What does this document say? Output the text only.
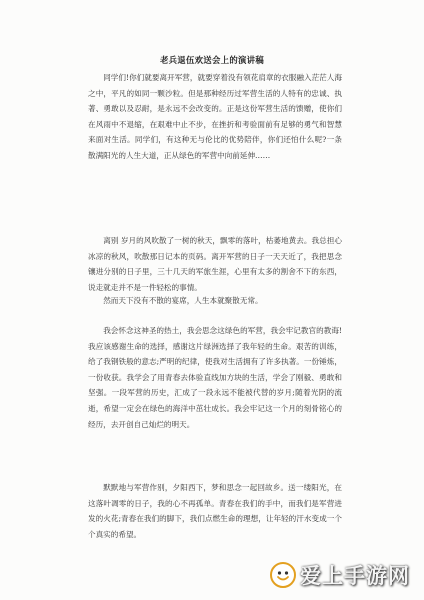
老兵退伍欢送会上的演讲稿

同学们!你们就要离开军营，就要穿着没有领花肩章的衣服融入茫茫人海之中，平凡的如同一颗沙粒。但是那种经历过军营生活的人特有的忠诚、执著、勇敢以及忍耐，是永远不会改变的。正是这份军营生活的馈赠，使你们在风雨中不退缩，在艰难中止不步，在挫折和考验面前有足够的勇气和智慧来面对生活。同学们，有这种无与伦比的优势陪伴，你们还怕什么呢?一条散满阳光的人生大道，正从绿色的军营中向前延伸……

离别 岁月的风吹散了一树的秋天，飘零的落叶，枯萎地黄去。我总担心冰凉的秋风，吹散那日记本的页码。离开军营的日子一天天近了，我把思念镶进分别的日子里，三十几天的军旅生涯，心里有太多的割舍不下的东西，说走就走并不是一件轻松的事情。

然而天下没有不散的宴席，人生本就聚散无常。

我会怀念这神圣的热土，我会思念这绿色的军营，我会牢记教官的教诲!我应该感谢生命的选择，感谢这片绿洲选择了我年轻的生命。艰苦的训练，给了我钢铁般的意志;严明的纪律，使我对生活拥有了许多执著。一份锤炼，一份收获。我学会了用青春去体验直线加方块的生活，学会了刚毅、勇敢和坚强。一段军营的历史，汇成了一段永远不能被代替的岁月;随着光阴的流逝，希望一定会在绿色的海洋中茁壮成长。我会牢记这一个月的刻骨铭心的经历，去开创自己灿烂的明天。

默默地与军营作别，夕阳西下，梦和思念一起回故乡。送一缕阳光，在这落叶凋零的日子，我的心不再孤单。青春在我们的手中，而我们是军营进发的火花;青春在我们的脚下，我们点燃生命的理想，让年轻的汗水变成一个个真实的希望。

爱上手游网
